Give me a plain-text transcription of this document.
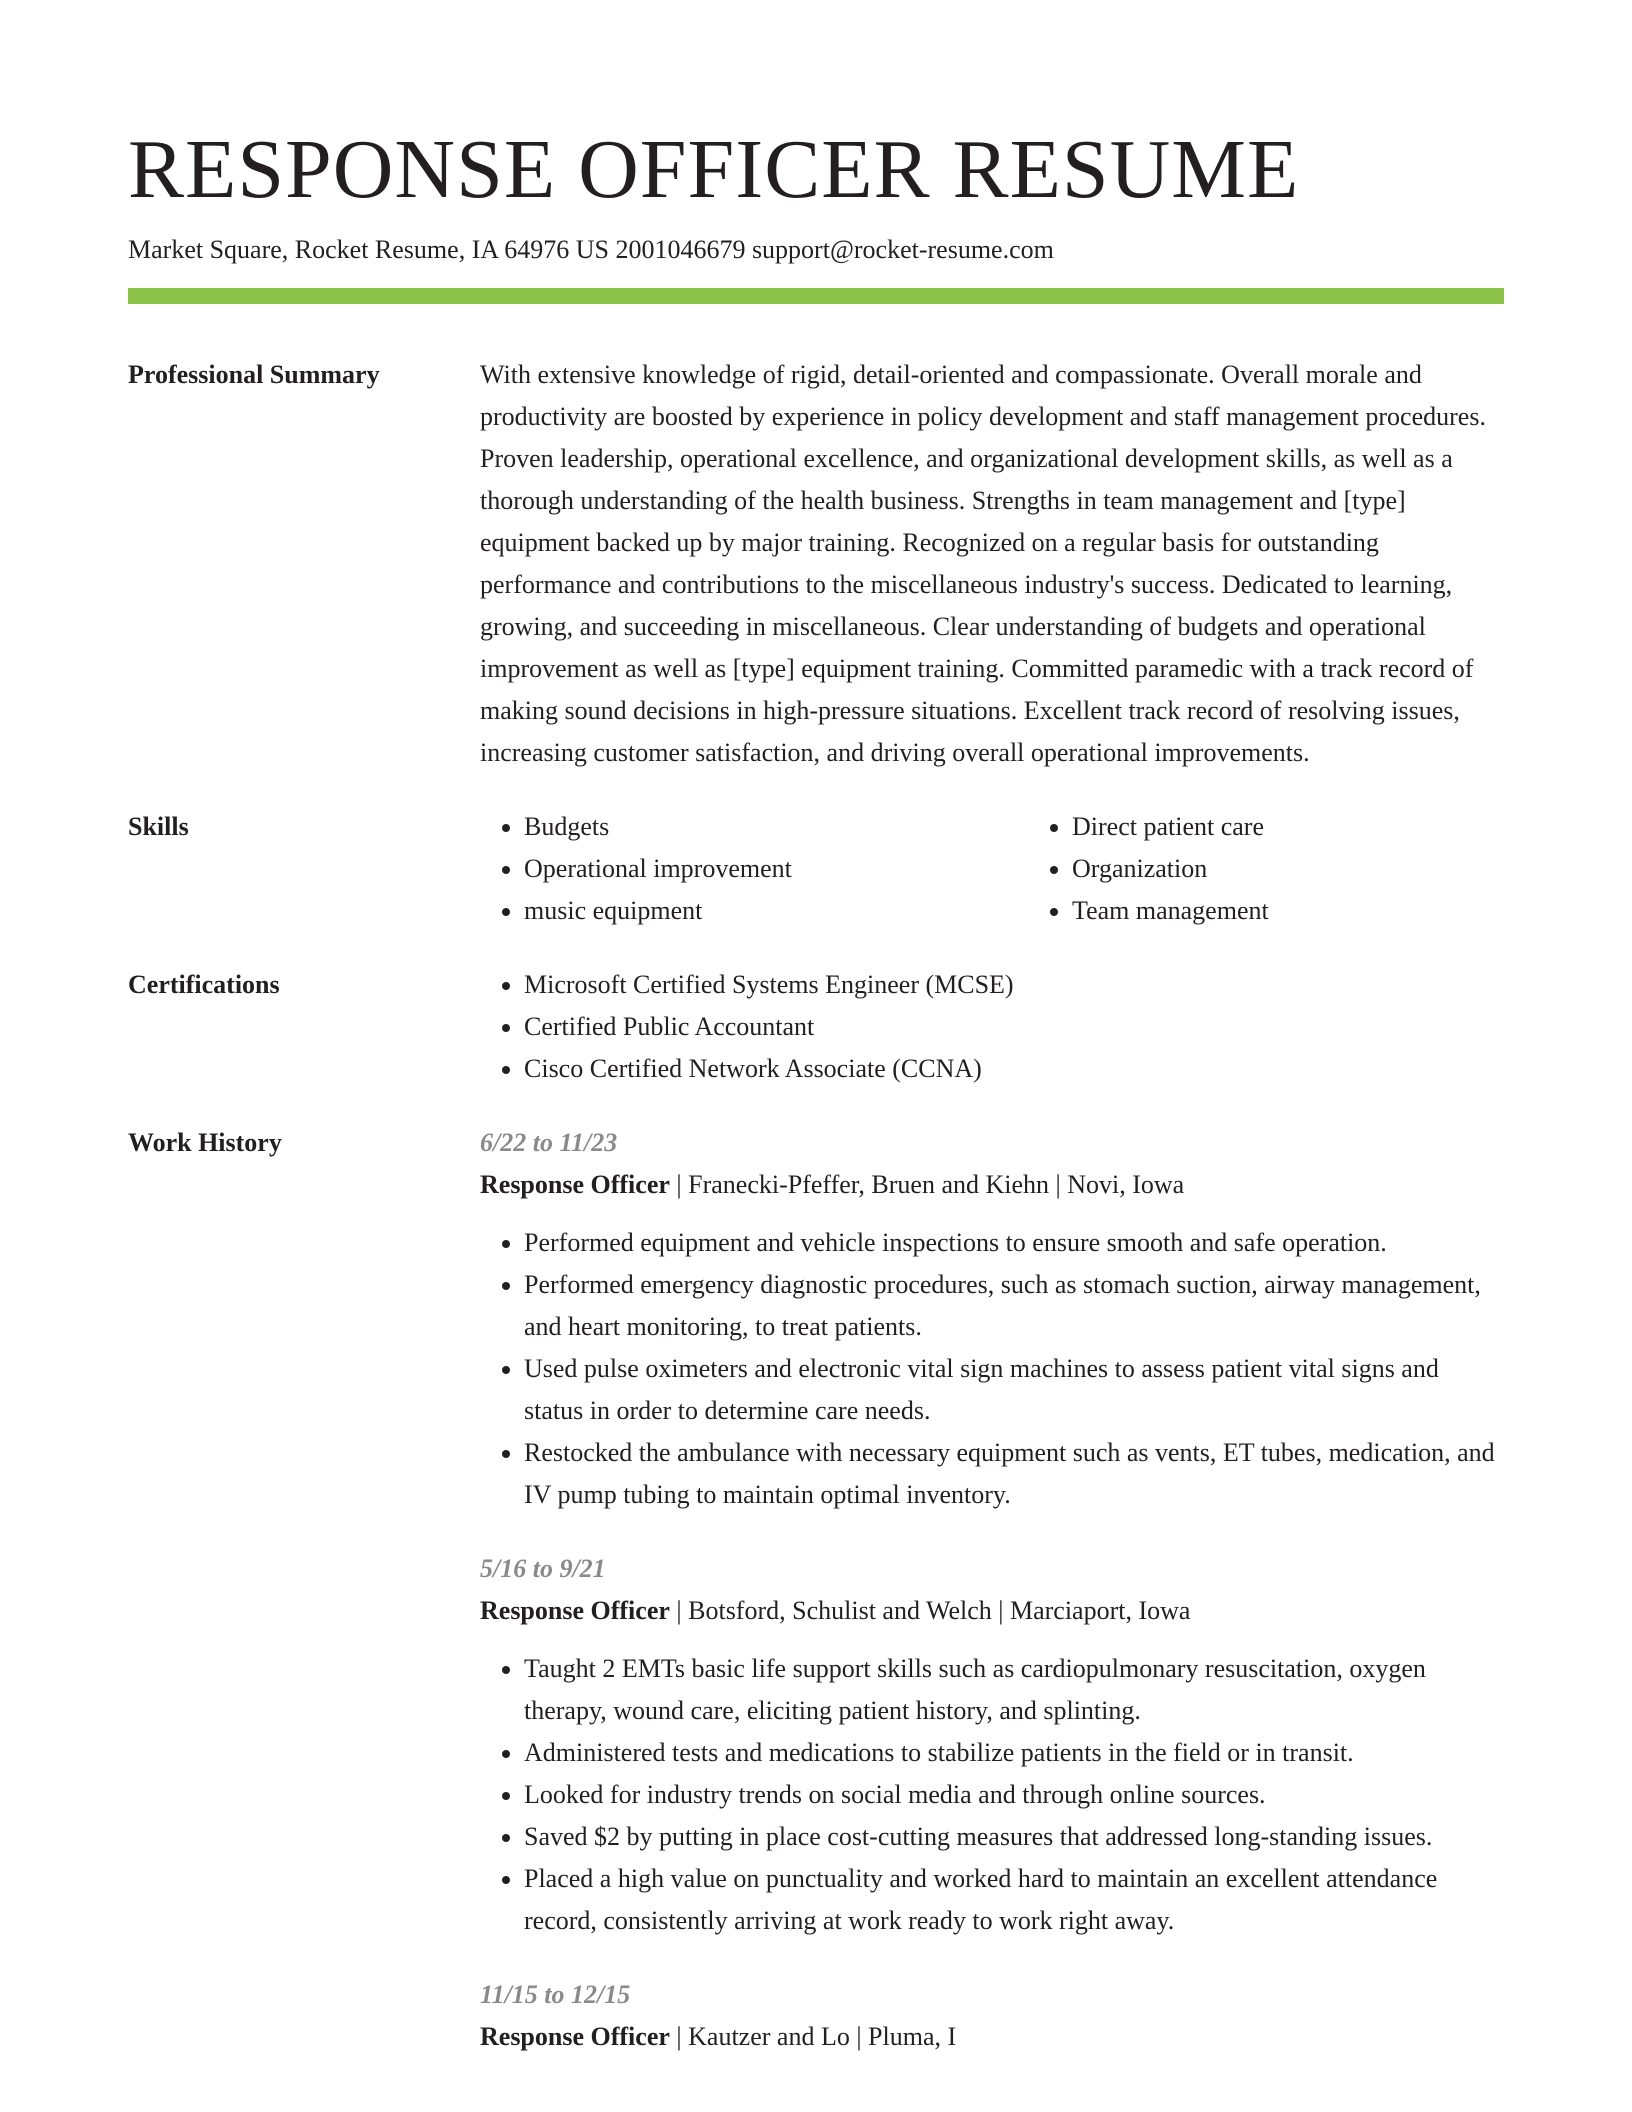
RESPONSE OFFICER RESUME
Market Square, Rocket Resume, IA 64976 US 2001046679 support@rocket-resume.com
Professional Summary	With extensive knowledge of rigid, detail-oriented and compassionate. Overall morale and productivity are boosted by experience in policy development and staff management procedures. Proven leadership, operational excellence, and organizational development skills, as well as a thorough understanding of the health business. Strengths in team management and [type] equipment backed up by major training. Recognized on a regular basis for outstanding performance and contributions to the miscellaneous industry's success. Dedicated to learning, growing, and succeeding in miscellaneous. Clear understanding of budgets and operational improvement as well as [type] equipment training. Committed paramedic with a track record of making sound decisions in high-pressure situations. Excellent track record of resolving issues, increasing customer satisfaction, and driving overall operational improvements.
Skills	• Budgets
• Operational improvement
• music equipment
• Direct patient care
• Organization
• Team management
Certifications	• Microsoft Certified Systems Engineer (MCSE)
• Certified Public Accountant
• Cisco Certified Network Associate (CCNA)
Work History	6/22 to 11/23
Response Officer | Franecki-Pfeffer, Bruen and Kiehn | Novi, Iowa
• Performed equipment and vehicle inspections to ensure smooth and safe operation.
• Performed emergency diagnostic procedures, such as stomach suction, airway management, and heart monitoring, to treat patients.
• Used pulse oximeters and electronic vital sign machines to assess patient vital signs and status in order to determine care needs.
• Restocked the ambulance with necessary equipment such as vents, ET tubes, medication, and IV pump tubing to maintain optimal inventory.
5/16 to 9/21
Response Officer | Botsford, Schulist and Welch | Marciaport, Iowa
• Taught 2 EMTs basic life support skills such as cardiopulmonary resuscitation, oxygen therapy, wound care, eliciting patient history, and splinting.
• Administered tests and medications to stabilize patients in the field or in transit.
• Looked for industry trends on social media and through online sources.
• Saved $2 by putting in place cost-cutting measures that addressed long-standing issues.
• Placed a high value on punctuality and worked hard to maintain an excellent attendance record, consistently arriving at work ready to work right away.
11/15 to 12/15
Response Officer | Kautzer and Lo | Pluma, I
